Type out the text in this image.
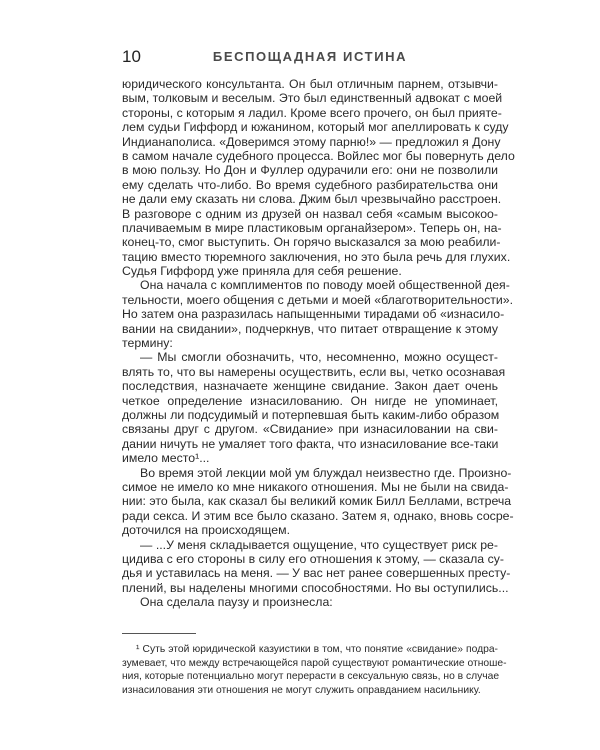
10	БЕСПОЩАДНАЯ ИСТИНА
юридического консультанта. Он был отличным парнем, отзывчи-
вым, толковым и веселым. Это был единственный адвокат с моей
стороны, с которым я ладил. Кроме всего прочего, он был прияте-
лем судьи Гиффорд и южанином, который мог апеллировать к суду
Индианаполиса. «Доверимся этому парню!» — предложил я Дону
в самом начале судебного процесса. Войлес мог бы повернуть дело
в мою пользу. Но Дон и Фуллер одурачили его: они не позволили
ему сделать что-либо. Во время судебного разбирательства они
не дали ему сказать ни слова. Джим был чрезвычайно расстроен.
В разговоре с одним из друзей он назвал себя «самым высокоо-
плачиваемым в мире пластиковым органайзером». Теперь он, на-
конец-то, смог выступить. Он горячо высказался за мою реабили-
тацию вместо тюремного заключения, но это была речь для глухих.
Судья Гиффорд уже приняла для себя решение.
Она начала с комплиментов по поводу моей общественной дея-
тельности, моего общения с детьми и моей «благотворительности».
Но затем она разразилась напыщенными тирадами об «изнасило-
вании на свидании», подчеркнув, что питает отвращение к этому
термину:
— Мы смогли обозначить, что, несомненно, можно осущест-
влять то, что вы намерены осуществить, если вы, четко осознавая
последствия, назначаете женщине свидание. Закон дает очень
четкое определение изнасилованию. Он нигде не упоминает,
должны ли подсудимый и потерпевшая быть каким-либо образом
связаны друг с другом. «Свидание» при изнасиловании на сви-
дании ничуть не умаляет того факта, что изнасилование все-таки
имело место¹...
Во время этой лекции мой ум блуждал неизвестно где. Произно-
симое не имело ко мне никакого отношения. Мы не были на свида-
нии: это была, как сказал бы великий комик Билл Беллами, встреча
ради секса. И этим все было сказано. Затем я, однако, вновь сосре-
доточился на происходящем.
— ...У меня складывается ощущение, что существует риск ре-
цидива с его стороны в силу его отношения к этому, — сказала су-
дья и уставилась на меня. — У вас нет ранее совершенных престу-
плений, вы наделены многими способностями. Но вы оступились...
Она сделала паузу и произнесла:
¹ Суть этой юридической казуистики в том, что понятие «свидание» подра-
зумевает, что между встречающейся парой существуют романтические отноше-
ния, которые потенциально могут перерасти в сексуальную связь, но в случае
изнасилования эти отношения не могут служить оправданием насильнику.
